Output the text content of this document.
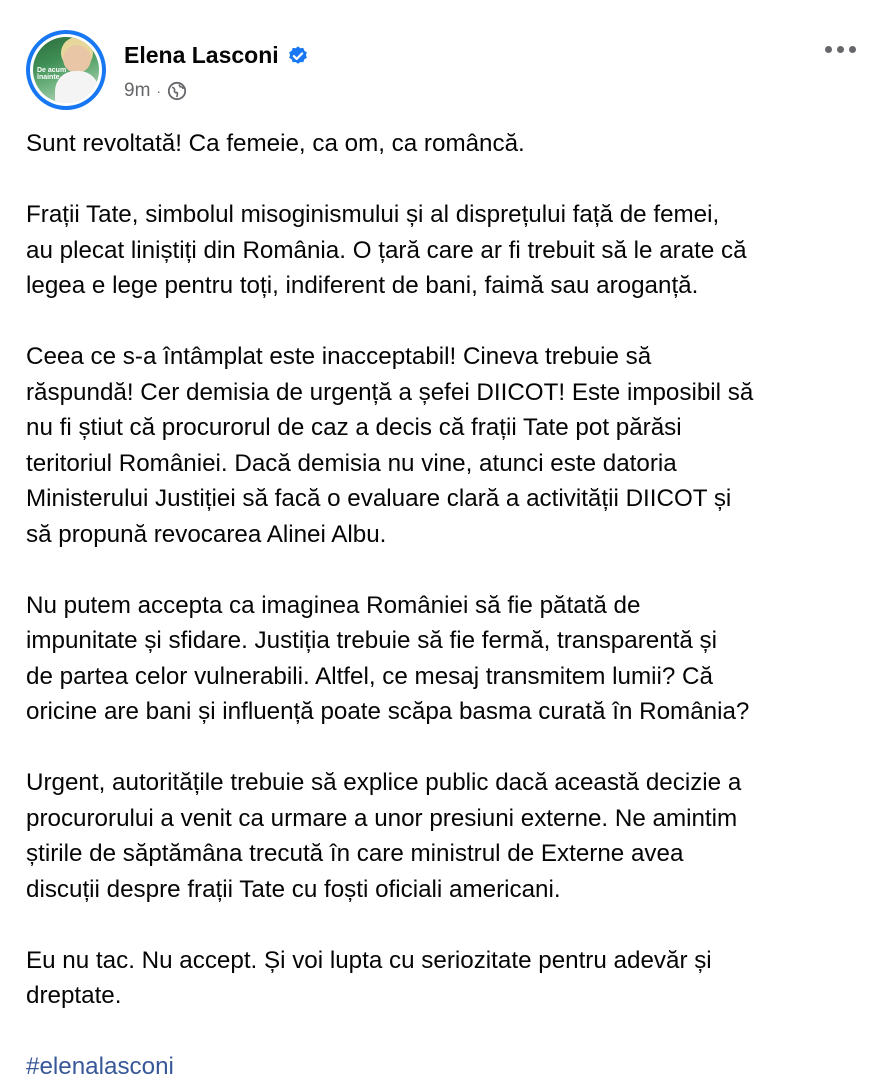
De acum înainte.
Elena Lasconi
9m ·

Sunt revoltată! Ca femeie, ca om, ca româncă.

Frații Tate, simbolul misoginismului și al disprețului față de femei,
au plecat liniștiți din România. O țară care ar fi trebuit să le arate că
legea e lege pentru toți, indiferent de bani, faimă sau aroganță.

Ceea ce s-a întâmplat este inacceptabil! Cineva trebuie să
răspundă! Cer demisia de urgență a șefei DIICOT! Este imposibil să
nu fi știut că procurorul de caz a decis că frații Tate pot părăsi
teritoriul României. Dacă demisia nu vine, atunci este datoria
Ministerului Justiției să facă o evaluare clară a activității DIICOT și
să propună revocarea Alinei Albu.

Nu putem accepta ca imaginea României să fie pătată de
impunitate și sfidare. Justiția trebuie să fie fermă, transparentă și
de partea celor vulnerabili. Altfel, ce mesaj transmitem lumii? Că
oricine are bani și influență poate scăpa basma curată în România?

Urgent, autoritățile trebuie să explice public dacă această decizie a
procurorului a venit ca urmare a unor presiuni externe. Ne amintim
știrile de săptămâna trecută în care ministrul de Externe avea
discuții despre frații Tate cu foști oficiali americani.

Eu nu tac. Nu accept. Și voi lupta cu seriozitate pentru adevăr și
dreptate.

#elenalasconi
